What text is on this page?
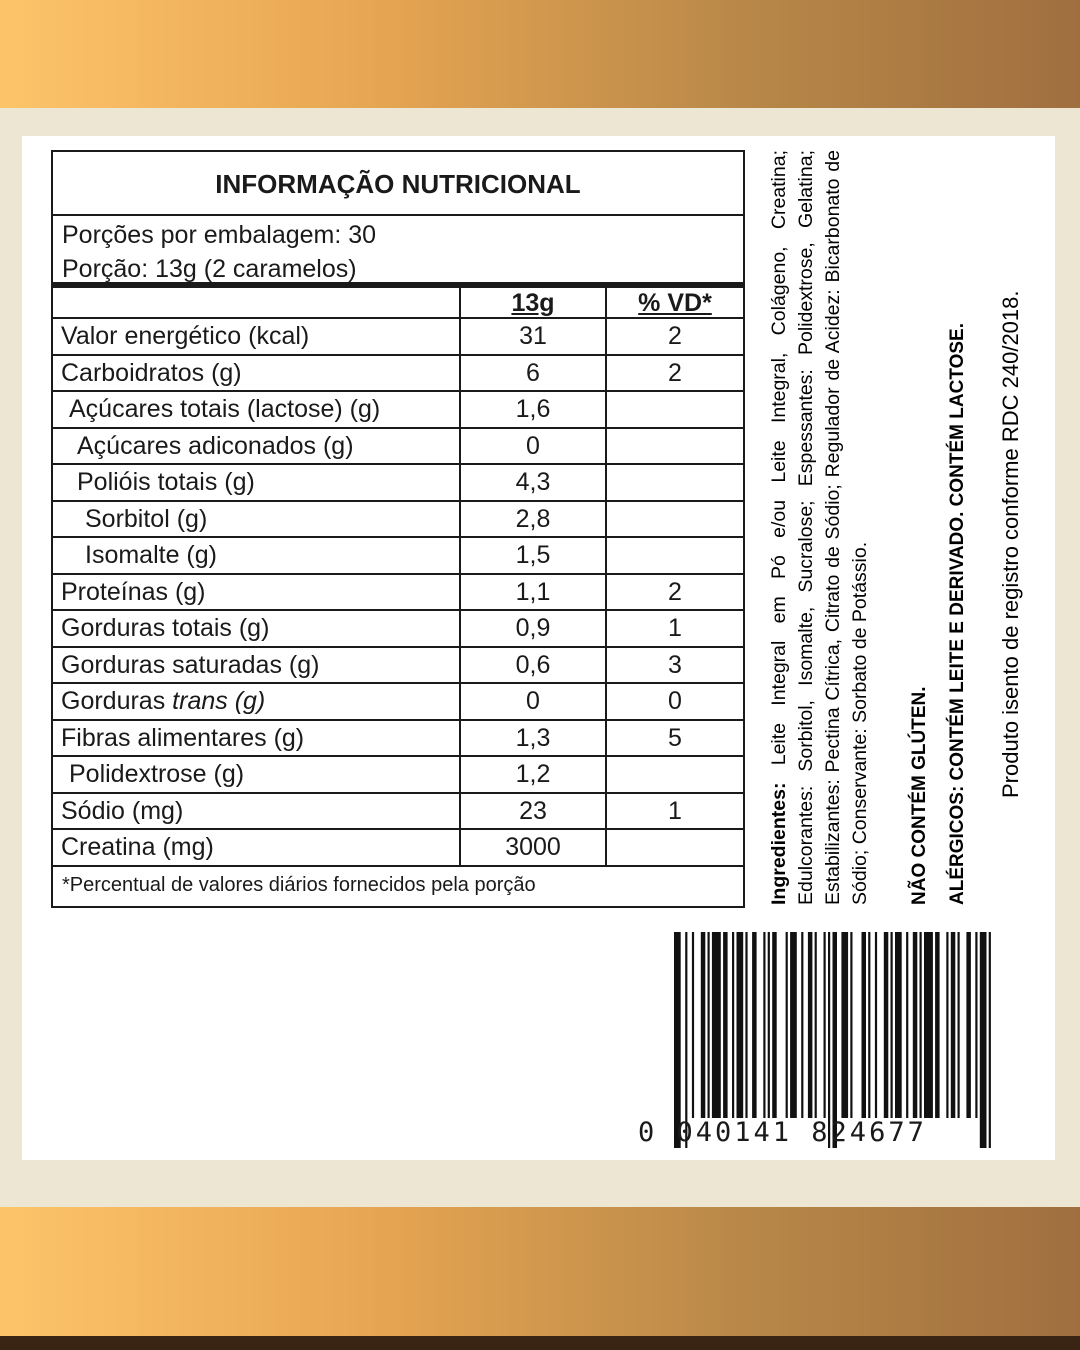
INFORMAÇÃO NUTRICIONAL
Porções por embalagem: 30
Porção: 13g (2 caramelos)
13g	% VD*
Valor energético (kcal)	31	2
Carboidratos (g)	6	2
Açúcares totais (lactose) (g)	1,6
Açúcares adiconados (g)	0
Polióis totais (g)	4,3
Sorbitol (g)	2,8
Isomalte (g)	1,5
Proteínas (g)	1,1	2
Gorduras totais (g)	0,9	1
Gorduras saturadas (g)	0,6	3
Gorduras trans (g)	0	0
Fibras alimentares (g)	1,3	5
Polidextrose (g)	1,2
Sódio (mg)	23	1
Creatina (mg)	3000
*Percentual de valores diários fornecidos pela porção	Ingredientes: Leite Integral em Pó e/ou Leite Integral, Colágeno, Creatina; Edulcorantes: Sorbitol, Isomalte, Sucralose; Espessantes: Polidextrose, Gelatina; Estabilizantes: Pectina Cítrica, Citrato de Sódio; Regulador de Acidez: Bicarbonato de Sódio; Conservante: Sorbato de Potássio. NÃO CONTÉM GLÚTEN. ALÉRGICOS: CONTÉM LEITE E DERIVADO. CONTÉM LACTOSE. Produto isento de registro conforme RDC 240/2018.
0 040141 824677
